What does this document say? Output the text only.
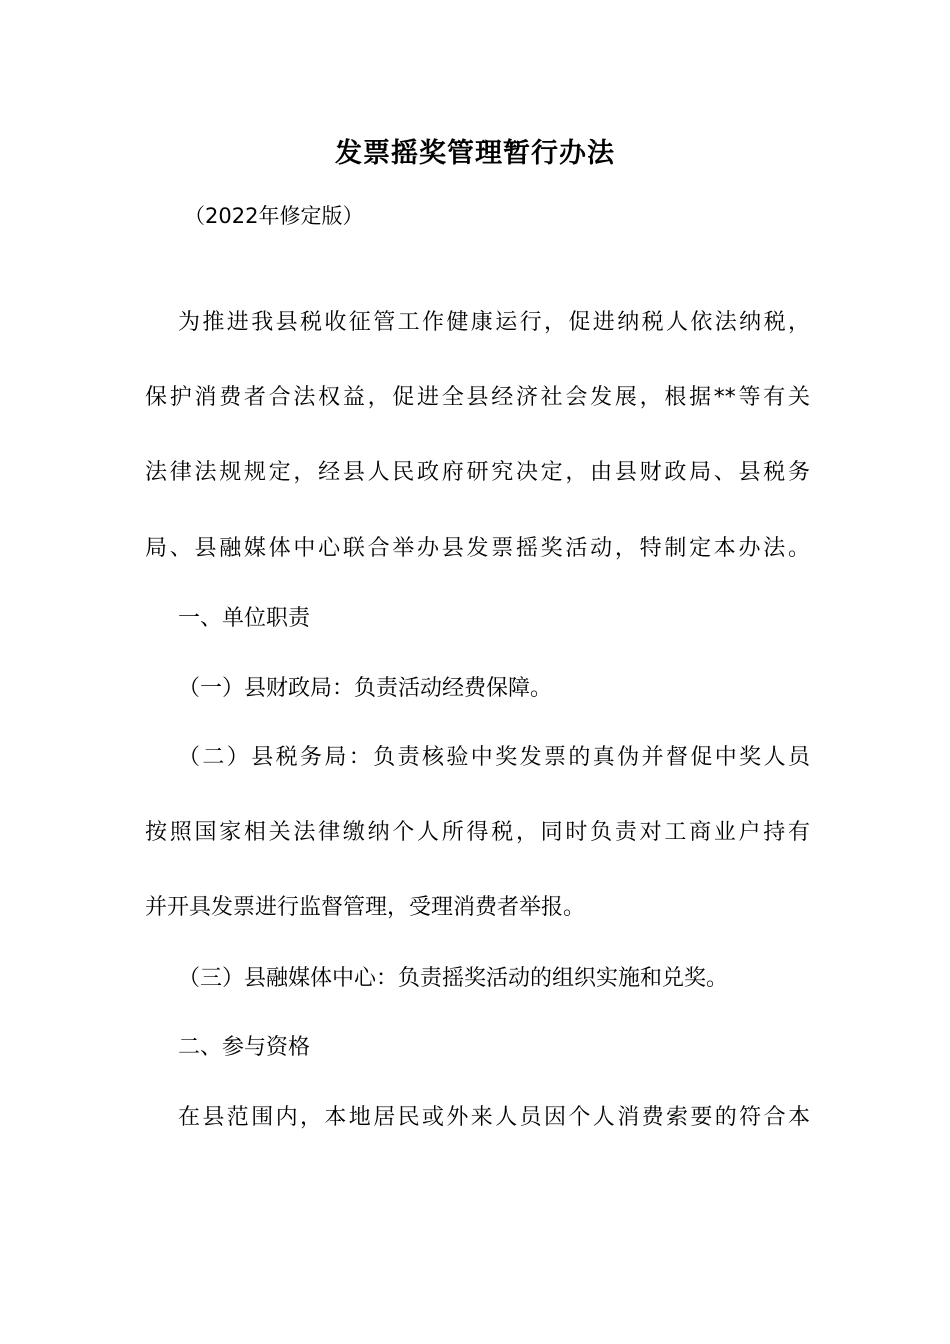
发票摇奖管理暂行办法
（2022年修定版）
为推进我县税收征管工作健康运行，促进纳税人依法纳税，
保护消费者合法权益，促进全县经济社会发展，根据**等有关
法律法规规定，经县人民政府研究决定，由县财政局、县税务
局、县融媒体中心联合举办县发票摇奖活动，特制定本办法。
一、单位职责
（一）县财政局：负责活动经费保障。
（二）县税务局：负责核验中奖发票的真伪并督促中奖人员
按照国家相关法律缴纳个人所得税，同时负责对工商业户持有
并开具发票进行监督管理，受理消费者举报。
（三）县融媒体中心：负责摇奖活动的组织实施和兑奖。
二、参与资格
在县范围内，本地居民或外来人员因个人消费索要的符合本
